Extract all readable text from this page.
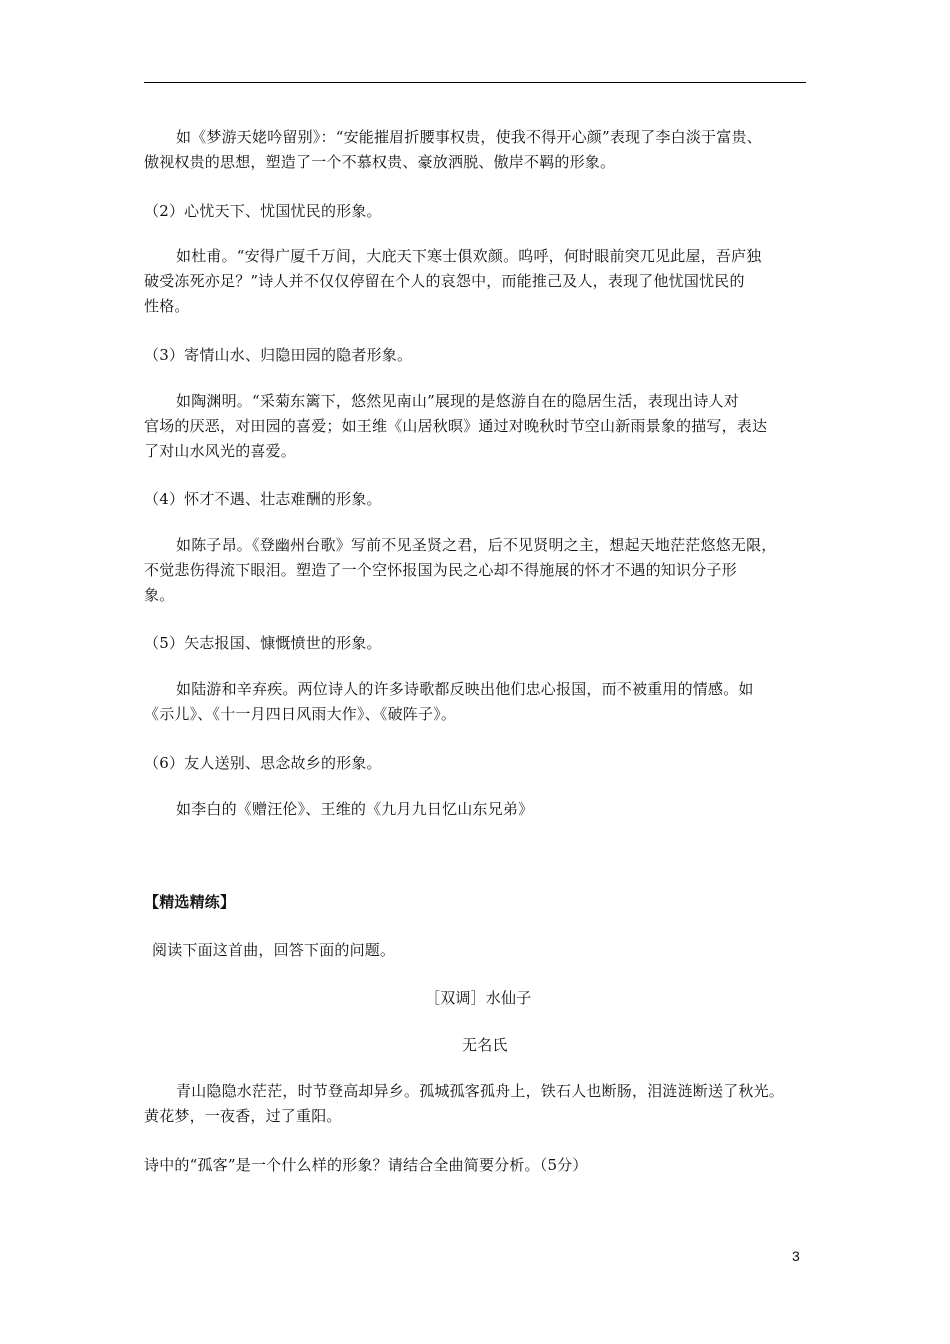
如《梦游天姥吟留别》：“安能摧眉折腰事权贵，使我不得开心颜”表现了李白淡于富贵、
傲视权贵的思想，塑造了一个不慕权贵、豪放洒脱、傲岸不羁的形象。
（2）心忧天下、忧国忧民的形象。
如杜甫。“安得广厦千万间，大庇天下寒士俱欢颜。呜呼，何时眼前突兀见此屋，吾庐独
破受冻死亦足？”诗人并不仅仅停留在个人的哀怨中，而能推己及人，表现了他忧国忧民的
性格。
（3）寄情山水、归隐田园的隐者形象。
如陶渊明。“采菊东篱下，悠然见南山”展现的是悠游自在的隐居生活，表现出诗人对
官场的厌恶，对田园的喜爱；如王维《山居秋暝》通过对晚秋时节空山新雨景象的描写，表达
了对山水风光的喜爱。
（4）怀才不遇、壮志难酬的形象。
如陈子昂。《登幽州台歌》写前不见圣贤之君，后不见贤明之主，想起天地茫茫悠悠无限，
不觉悲伤得流下眼泪。塑造了一个空怀报国为民之心却不得施展的怀才不遇的知识分子形
象。
（5）矢志报国、慷慨愤世的形象。
如陆游和辛弃疾。两位诗人的许多诗歌都反映出他们忠心报国，而不被重用的情感。如
《示儿》、《十一月四日风雨大作》、《破阵子》。
（6）友人送别、思念故乡的形象。
如李白的《赠汪伦》、王维的《九月九日忆山东兄弟》
【精选精练】
阅读下面这首曲，回答下面的问题。
［双调］水仙子
无名氏
青山隐隐水茫茫，时节登高却异乡。孤城孤客孤舟上，铁石人也断肠，泪涟涟断送了秋光。
黄花梦，一夜香，过了重阳。
诗中的“孤客”是一个什么样的形象？请结合全曲简要分析。（5分）
3
